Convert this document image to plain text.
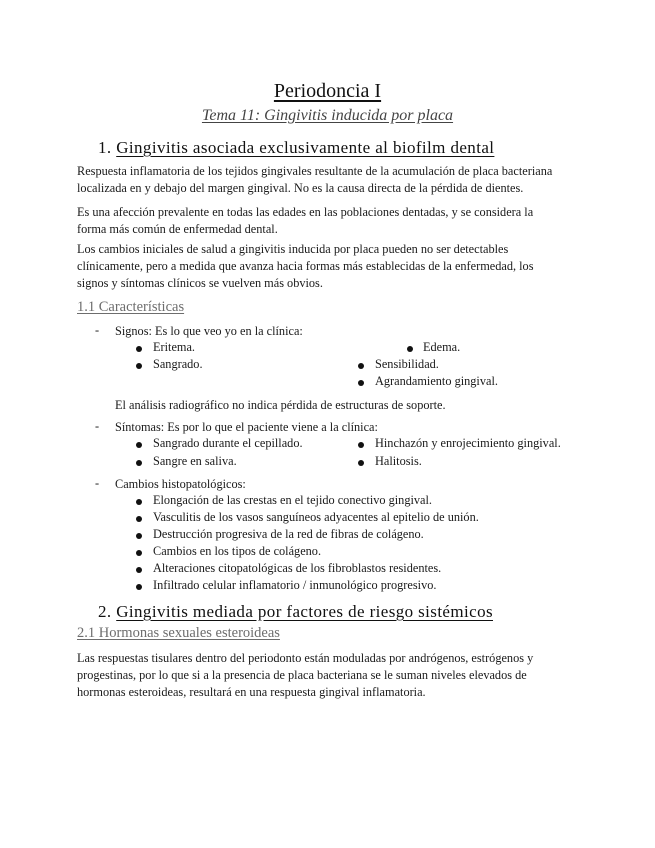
Periodoncia I
Tema 11: Gingivitis inducida por placa
1. Gingivitis asociada exclusivamente al biofilm dental
Respuesta inflamatoria de los tejidos gingivales resultante de la acumulación de placa bacteriana
localizada en y debajo del margen gingival. No es la causa directa de la pérdida de dientes.
Es una afección prevalente en todas las edades en las poblaciones dentadas, y se considera la
forma más común de enfermedad dental.
Los cambios iniciales de salud a gingivitis inducida por placa pueden no ser detectables
clínicamente, pero a medida que avanza hacia formas más establecidas de la enfermedad, los
signos y síntomas clínicos se vuelven más obvios.
1.1 Características
- Signos: Es lo que veo yo en la clínica:
Eritema.	Edema.
Sangrado.	Sensibilidad.
Agrandamiento gingival.
El análisis radiográfico no indica pérdida de estructuras de soporte.
- Síntomas: Es por lo que el paciente viene a la clínica:
Sangrado durante el cepillado.	Hinchazón y enrojecimiento gingival.
Sangre en saliva.	Halitosis.
- Cambios histopatológicos:
Elongación de las crestas en el tejido conectivo gingival.
Vasculitis de los vasos sanguíneos adyacentes al epitelio de unión.
Destrucción progresiva de la red de fibras de colágeno.
Cambios en los tipos de colágeno.
Alteraciones citopatológicas de los fibroblastos residentes.
Infiltrado celular inflamatorio / inmunológico progresivo.
2. Gingivitis mediada por factores de riesgo sistémicos
2.1 Hormonas sexuales esteroideas
Las respuestas tisulares dentro del periodonto están moduladas por andrógenos, estrógenos y
progestinas, por lo que si a la presencia de placa bacteriana se le suman niveles elevados de
hormonas esteroideas, resultará en una respuesta gingival inflamatoria.
